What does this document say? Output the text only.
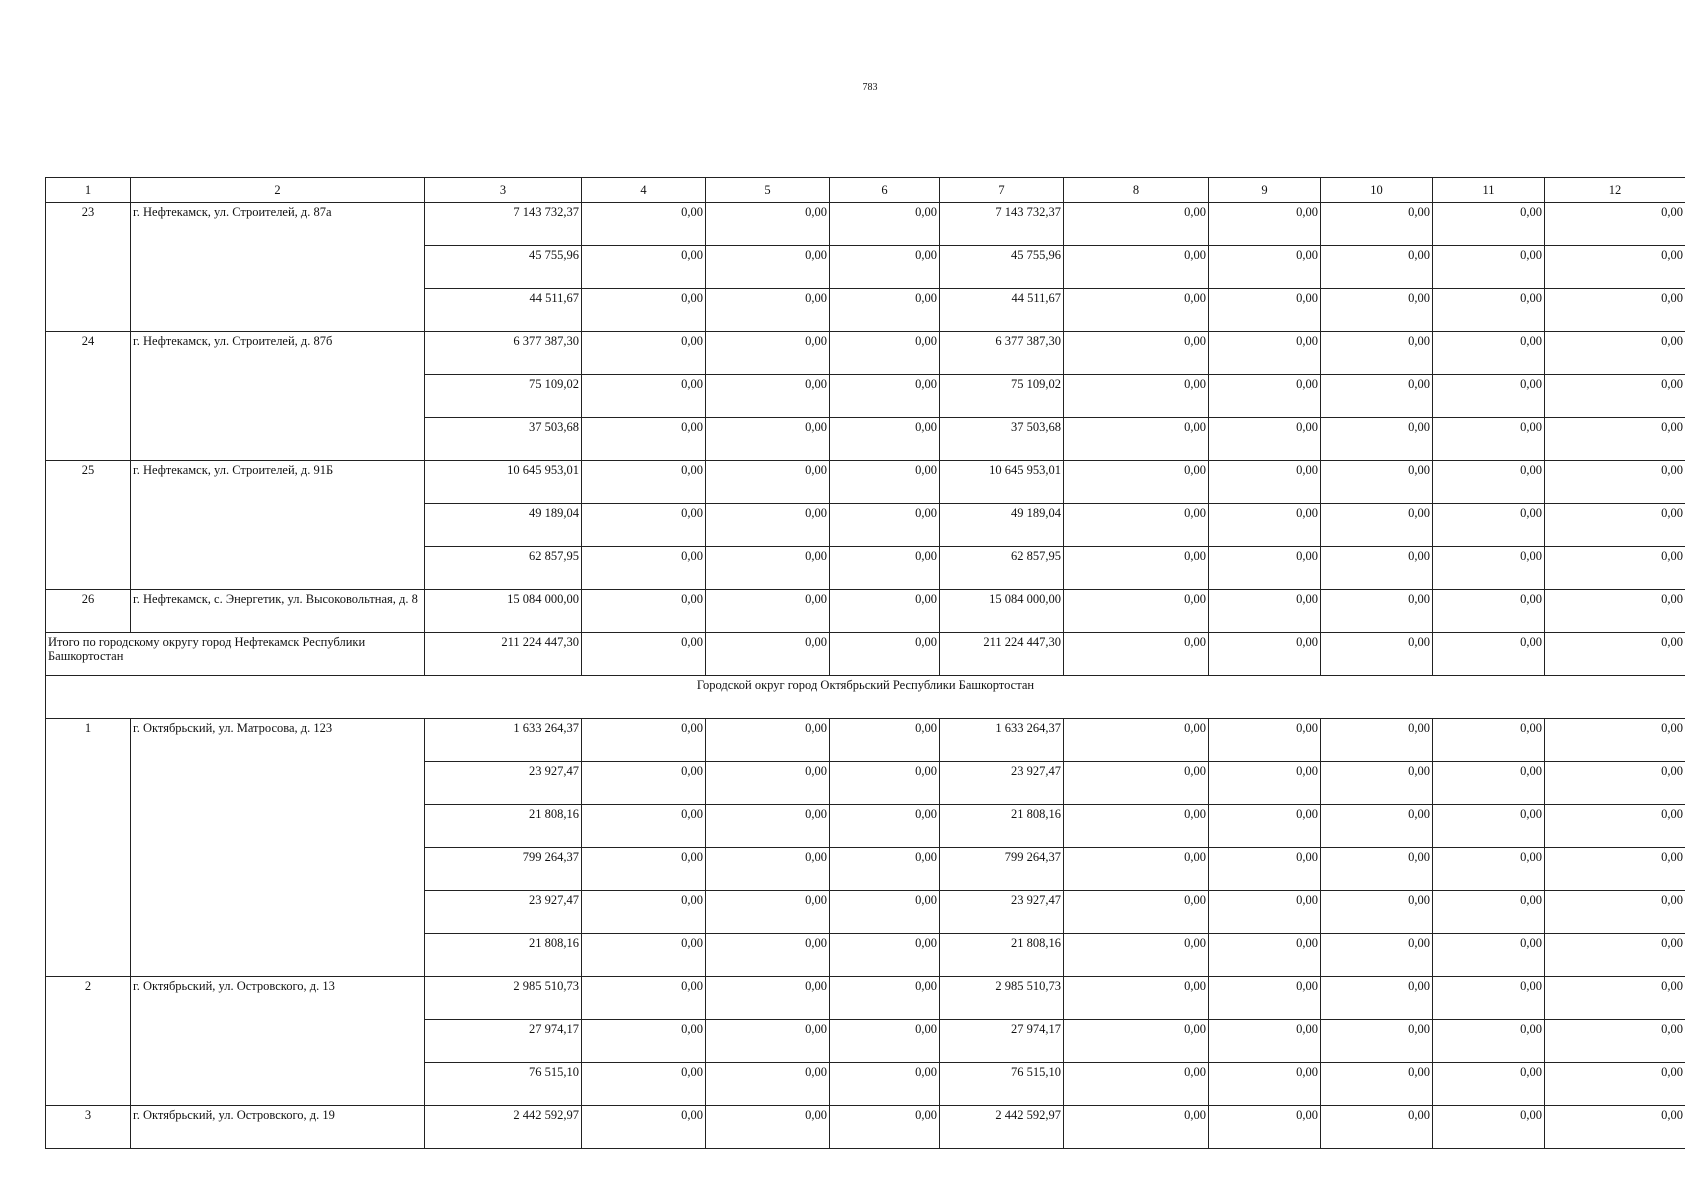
783
1	2	3	4	5	6	7	8	9	10	11	12
23	г. Нефтекамск, ул. Строителей, д. 87а	7 143 732,37	0,00	0,00	0,00	7 143 732,37	0,00	0,00	0,00	0,00	0,00
		45 755,96	0,00	0,00	0,00	45 755,96	0,00	0,00	0,00	0,00	0,00
		44 511,67	0,00	0,00	0,00	44 511,67	0,00	0,00	0,00	0,00	0,00
24	г. Нефтекамск, ул. Строителей, д. 87б	6 377 387,30	0,00	0,00	0,00	6 377 387,30	0,00	0,00	0,00	0,00	0,00
		75 109,02	0,00	0,00	0,00	75 109,02	0,00	0,00	0,00	0,00	0,00
		37 503,68	0,00	0,00	0,00	37 503,68	0,00	0,00	0,00	0,00	0,00
25	г. Нефтекамск, ул. Строителей, д. 91Б	10 645 953,01	0,00	0,00	0,00	10 645 953,01	0,00	0,00	0,00	0,00	0,00
		49 189,04	0,00	0,00	0,00	49 189,04	0,00	0,00	0,00	0,00	0,00
		62 857,95	0,00	0,00	0,00	62 857,95	0,00	0,00	0,00	0,00	0,00
26	г. Нефтекамск, с. Энергетик, ул. Высоковольтная, д. 8	15 084 000,00	0,00	0,00	0,00	15 084 000,00	0,00	0,00	0,00	0,00	0,00
Итого по городскому округу город Нефтекамск Республики Башкортостан		211 224 447,30	0,00	0,00	0,00	211 224 447,30	0,00	0,00	0,00	0,00	0,00
Городской округ город Октябрьский Республики Башкортостан											
1	г. Октябрьский, ул. Матросова, д. 123	1 633 264,37	0,00	0,00	0,00	1 633 264,37	0,00	0,00	0,00	0,00	0,00
		23 927,47	0,00	0,00	0,00	23 927,47	0,00	0,00	0,00	0,00	0,00
		21 808,16	0,00	0,00	0,00	21 808,16	0,00	0,00	0,00	0,00	0,00
		799 264,37	0,00	0,00	0,00	799 264,37	0,00	0,00	0,00	0,00	0,00
		23 927,47	0,00	0,00	0,00	23 927,47	0,00	0,00	0,00	0,00	0,00
		21 808,16	0,00	0,00	0,00	21 808,16	0,00	0,00	0,00	0,00	0,00
2	г. Октябрьский, ул. Островского, д. 13	2 985 510,73	0,00	0,00	0,00	2 985 510,73	0,00	0,00	0,00	0,00	0,00
		27 974,17	0,00	0,00	0,00	27 974,17	0,00	0,00	0,00	0,00	0,00
		76 515,10	0,00	0,00	0,00	76 515,10	0,00	0,00	0,00	0,00	0,00
3	г. Октябрьский, ул. Островского, д. 19	2 442 592,97	0,00	0,00	0,00	2 442 592,97	0,00	0,00	0,00	0,00	0,00
